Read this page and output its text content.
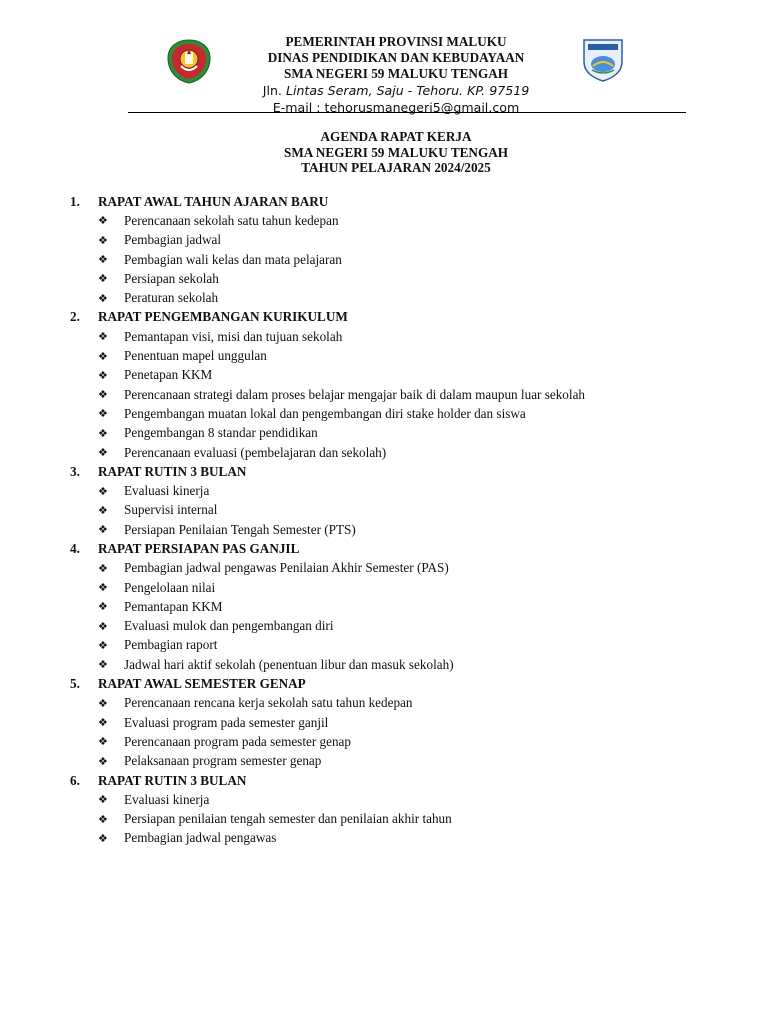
PEMERINTAH PROVINSI MALUKU
DINAS PENDIDIKAN DAN KEBUDAYAAN
SMA NEGERI 59 MALUKU TENGAH
Jln. Lintas Seram, Saju - Tehoru. KP. 97519
E-mail : tehorusmanegeri5@gmail.com
AGENDA RAPAT KERJA
SMA NEGERI 59 MALUKU TENGAH
TAHUN PELAJARAN 2024/2025
1.	RAPAT AWAL TAHUN AJARAN BARU
❖	Perencanaan sekolah satu tahun kedepan
❖	Pembagian jadwal
❖	Pembagian wali kelas dan mata pelajaran
❖	Persiapan sekolah
❖	Peraturan sekolah
2.	RAPAT PENGEMBANGAN KURIKULUM
❖	Pemantapan visi, misi dan tujuan sekolah
❖	Penentuan mapel unggulan
❖	Penetapan KKM
❖	Perencanaan strategi dalam proses belajar mengajar baik di dalam maupun luar sekolah
❖	Pengembangan muatan lokal dan pengembangan diri stake holder dan siswa
❖	Pengembangan 8 standar pendidikan
❖	Perencanaan evaluasi (pembelajaran dan sekolah)
3.	RAPAT RUTIN 3 BULAN
❖	Evaluasi kinerja
❖	Supervisi internal
❖	Persiapan Penilaian Tengah Semester (PTS)
4.	RAPAT PERSIAPAN PAS GANJIL
❖	Pembagian jadwal pengawas Penilaian Akhir Semester (PAS)
❖	Pengelolaan nilai
❖	Pemantapan KKM
❖	Evaluasi mulok dan pengembangan diri
❖	Pembagian raport
❖	Jadwal hari aktif sekolah (penentuan libur dan masuk sekolah)
5.	RAPAT AWAL SEMESTER GENAP
❖	Perencanaan rencana kerja sekolah satu tahun kedepan
❖	Evaluasi program pada semester ganjil
❖	Perencanaan program pada semester genap
❖	Pelaksanaan program semester genap
6.	RAPAT RUTIN 3 BULAN
❖	Evaluasi kinerja
❖	Persiapan penilaian tengah semester dan penilaian akhir tahun
❖	Pembagian jadwal pengawas
